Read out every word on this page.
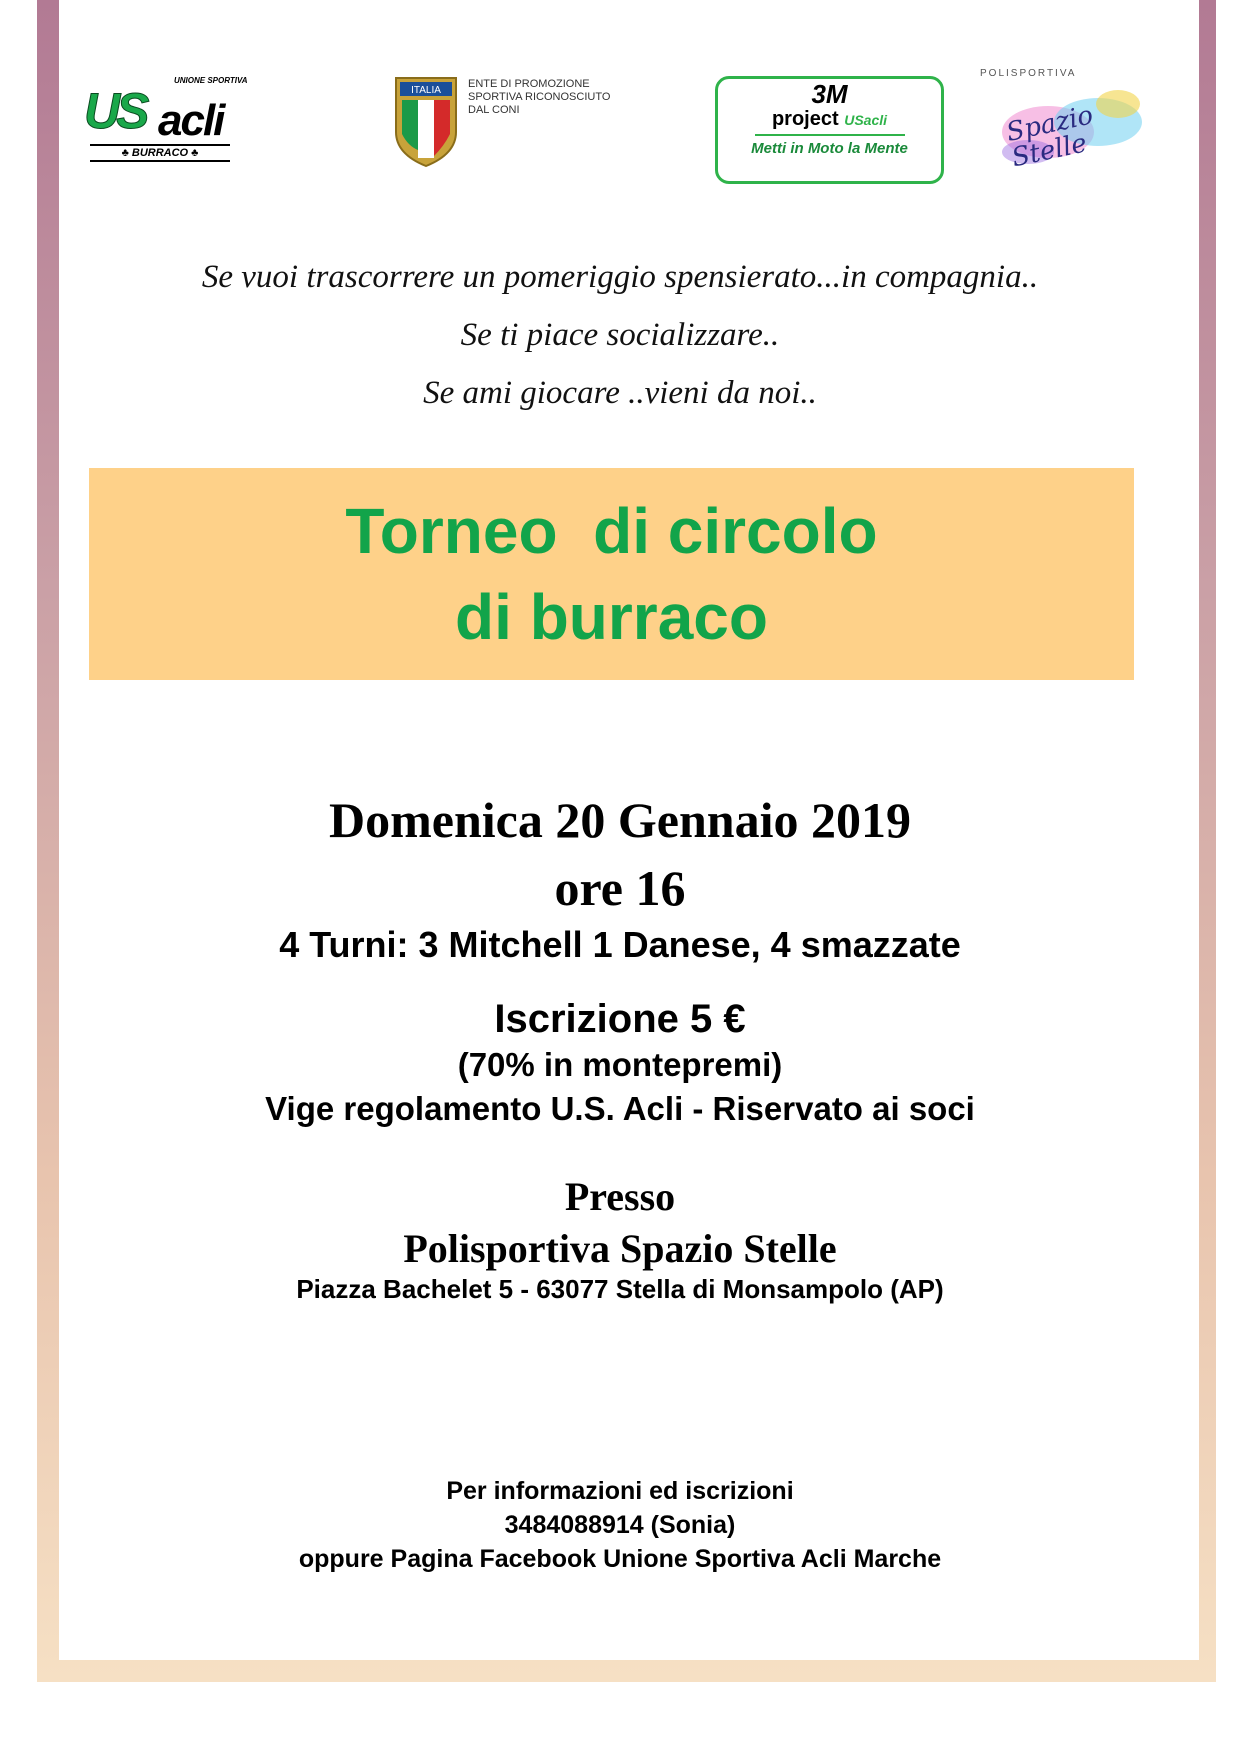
UNIONE SPORTIVA
US acli
♣ BURRACO ♣
ITALIA
ENTE DI PROMOZIONE SPORTIVA RICONOSCIUTO DAL CONI
3M
project USacli
Metti in Moto la Mente
POLISPORTIVA
Spazio Stelle
Se vuoi trascorrere un pomeriggio spensierato...in compagnia..
Se ti piace socializzare..
Se ami giocare ..vieni da noi..
Torneo  di circolo
di burraco
Domenica 20 Gennaio 2019
ore 16
4 Turni: 3 Mitchell 1 Danese, 4 smazzate
Iscrizione 5 €
(70% in montepremi)
Vige regolamento U.S. Acli - Riservato ai soci
Presso
Polisportiva Spazio Stelle
Piazza Bachelet 5 - 63077 Stella di Monsampolo (AP)
Per informazioni ed iscrizioni
3484088914 (Sonia)
oppure Pagina Facebook Unione Sportiva Acli Marche
